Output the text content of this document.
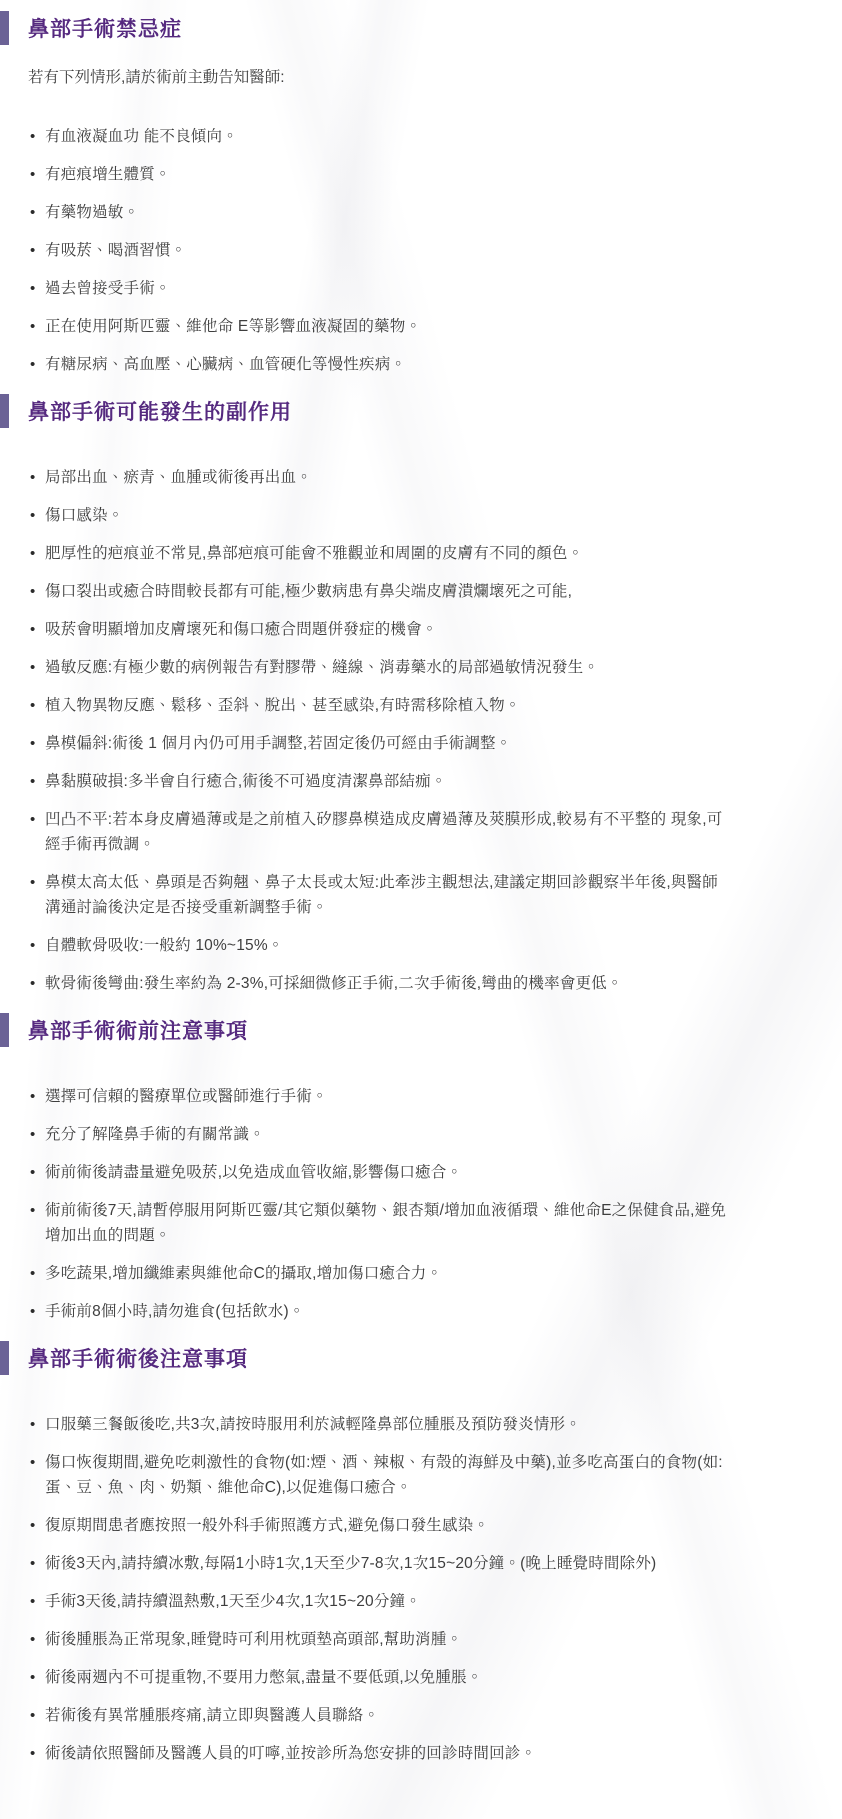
鼻部手術禁忌症

若有下列情形,請於術前主動告知醫師:

• 有血液凝血功 能不良傾向。
• 有疤痕增生體質。
• 有藥物過敏。
• 有吸菸、喝酒習慣。
• 過去曾接受手術。
• 正在使用阿斯匹靈、維他命 E等影響血液凝固的藥物。
• 有糖尿病、高血壓、心臟病、血管硬化等慢性疾病。
鼻部手術可能發生的副作用
• 局部出血、瘀青、血腫或術後再出血。
• 傷口感染。
• 肥厚性的疤痕並不常見,鼻部疤痕可能會不雅觀並和周圍的皮膚有不同的顏色。
• 傷口裂出或癒合時間較長都有可能,極少數病患有鼻尖端皮膚潰爛壞死之可能,
• 吸菸會明顯增加皮膚壞死和傷口癒合問題併發症的機會。
• 過敏反應:有極少數的病例報告有對膠帶、縫線、消毒藥水的局部過敏情況發生。
• 植入物異物反應、鬆移、歪斜、脫出、甚至感染,有時需移除植入物。
• 鼻模偏斜:術後 1 個月內仍可用手調整,若固定後仍可經由手術調整。
• 鼻黏膜破損:多半會自行癒合,術後不可過度清潔鼻部結痂。
• 凹凸不平:若本身皮膚過薄或是之前植入矽膠鼻模造成皮膚過薄及莢膜形成,較易有不平整的 現象,可經手術再微調。
• 鼻模太高太低、鼻頭是否夠翹、鼻子太長或太短:此牽涉主觀想法,建議定期回診觀察半年後,與醫師溝通討論後決定是否接受重新調整手術。
• 自體軟骨吸收:一般約 10%~15%。
• 軟骨術後彎曲:發生率約為 2-3%,可採細微修正手術,二次手術後,彎曲的機率會更低。
鼻部手術術前注意事項
• 選擇可信賴的醫療單位或醫師進行手術。
• 充分了解隆鼻手術的有關常識。
• 術前術後請盡量避免吸菸,以免造成血管收縮,影響傷口癒合。
• 術前術後7天,請暫停服用阿斯匹靈/其它類似藥物、銀杏類/增加血液循環、維他命E之保健食品,避免增加出血的問題。
• 多吃蔬果,增加纖維素與維他命C的攝取,增加傷口癒合力。
• 手術前8個小時,請勿進食(包括飲水)。
鼻部手術術後注意事項
• 口服藥三餐飯後吃,共3次,請按時服用利於減輕隆鼻部位腫脹及預防發炎情形。
• 傷口恢復期間,避免吃刺激性的食物(如:煙、酒、辣椒、有殼的海鮮及中藥),並多吃高蛋白的食物(如:蛋、豆、魚、肉、奶類、維他命C),以促進傷口癒合。
• 復原期間患者應按照一般外科手術照護方式,避免傷口發生感染。
• 術後3天內,請持續冰敷,每隔1小時1次,1天至少7-8次,1次15~20分鐘。(晚上睡覺時間除外)
• 手術3天後,請持續溫熱敷,1天至少4次,1次15~20分鐘。
• 術後腫脹為正常現象,睡覺時可利用枕頭墊高頭部,幫助消腫。
• 術後兩週內不可提重物,不要用力憋氣,盡量不要低頭,以免腫脹。
• 若術後有異常腫脹疼痛,請立即與醫護人員聯絡。
• 術後請依照醫師及醫護人員的叮嚀,並按診所為您安排的回診時間回診。
